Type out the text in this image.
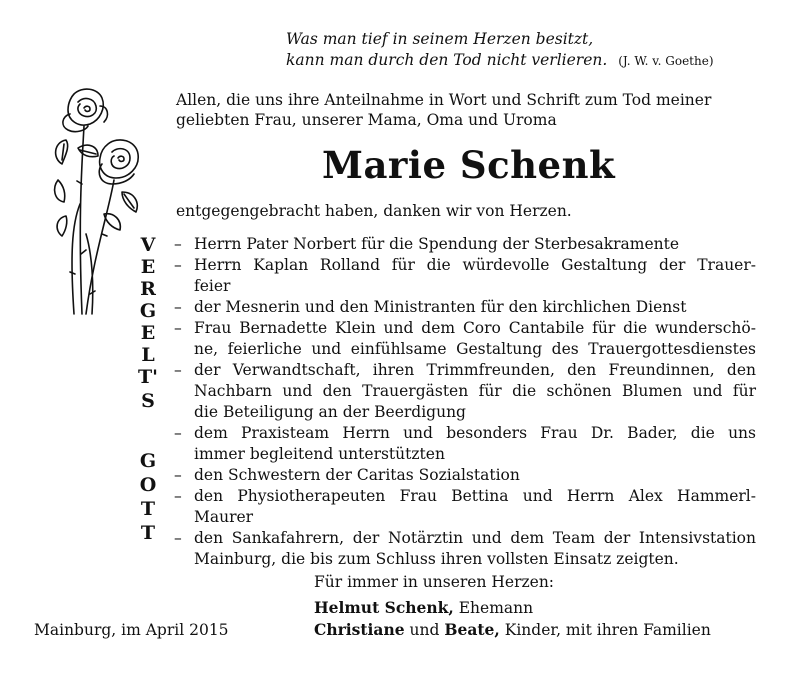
Was man tief in seinem Herzen besitzt,
kann man durch den Tod nicht verlieren. (J. W. v. Goethe)
Allen, die uns ihre Anteilnahme in Wort und Schrift zum Tod meiner
geliebten Frau, unserer Mama, Oma und Uroma
Marie Schenk
entgegengebracht haben, danken wir von Herzen.
V
E
R
G
E
L
T'
S
G
O
T
T
– Herrn Pater Norbert für die Spendung der Sterbesakramente
– Herrn Kaplan Rolland für die würdevolle Gestaltung der Trauer-
feier
– der Mesnerin und den Ministranten für den kirchlichen Dienst
– Frau Bernadette Klein und dem Coro Cantabile für die wunderschö-
ne, feierliche und einfühlsame Gestaltung des Trauergottesdienstes
– der Verwandtschaft, ihren Trimmfreunden, den Freundinnen, den
Nachbarn und den Trauergästen für die schönen Blumen und für
die Beteiligung an der Beerdigung
– dem Praxisteam Herrn und besonders Frau Dr. Bader, die uns
immer begleitend unterstützten
– den Schwestern der Caritas Sozialstation
– den Physiotherapeuten Frau Bettina und Herrn Alex Hammerl-
Maurer
– den Sankafahrern, der Notärztin und dem Team der Intensivstation
Mainburg, die bis zum Schluss ihren vollsten Einsatz zeigten.
Für immer in unseren Herzen:
Helmut Schenk, Ehemann
Christiane und Beate, Kinder, mit ihren Familien
Mainburg, im April 2015
